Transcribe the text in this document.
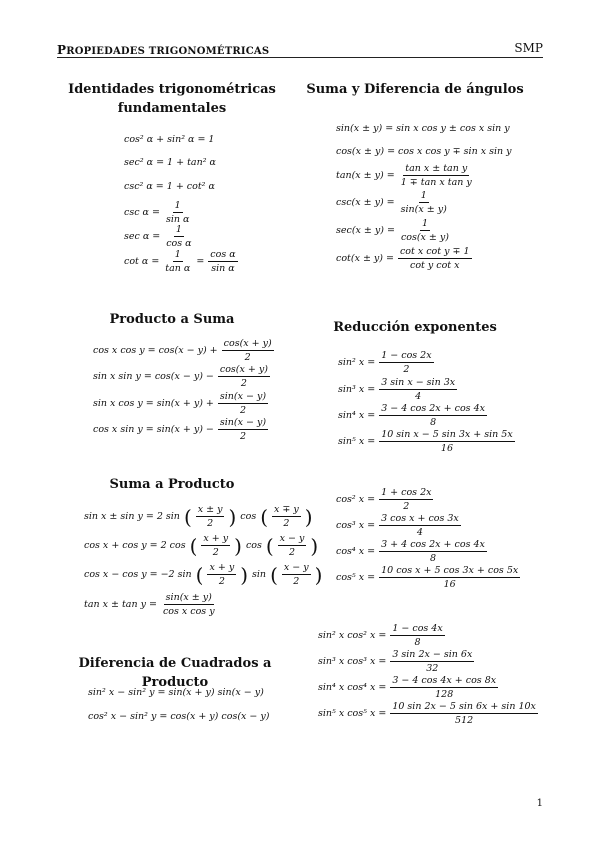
PROPIEDADES TRIGONOMÉTRICAS	SMP
Identidades trigonométricas
fundamentales
cos² α + sin² α = 1
sec² α = 1 + tan² α
csc² α = 1 + cot² α
$\csc \alpha = \frac{1}{\text{sin α}}$
$\sec \alpha = \frac{1}{\text{cos α}}$
$\cot \alpha = \frac{1}{\text{tan α}} = \frac{\text{cos α}}{\text{sin α}}$
Suma y Diferencia de ángulos
sin(x ± y) = sin x cos y ± cos x sin y
cos(x ± y) = cos x cos y ∓ sin x sin y
$\tan(x \pm y) = \frac{\text{tan x ± tan y}}{\text{1 ∓ tan x tan y}}$
$\csc(x \pm y) = \frac{1}{\sin(x \pm y)}$
$\sec(x \pm y) = \frac{1}{\cos(x \pm y)}$
$\cot(x \pm y) = \frac{\text{cot x cot y ∓ 1}}{\text{cot y cot x}}$
Producto a Suma
cos x $\cos y = \cos(x - y) + \frac{\cos(x + y)}{2}$
sin x $\sin y = \cos(x - y) - \frac{\cos(x + y)}{2}$
sin x $\cos y = \sin(x + y) + \frac{\sin(x - y)}{2}$
cos x $\sin y = \sin(x + y) - \frac{\sin(x - y)}{2}$
Reducción exponentes
sin² $x = \frac{1 - \cos 2x}{2}$
sin³ $x = \frac{\text{3 sin x − sin 3x}}{4}$
sin⁴ $x = \frac{3 - 4 \cos 2x + \cos 4x}{8}$
sin⁵ $x = \frac{\text{10 sin x − 5 sin 3x + sin 5x}}{16}$
cos² $x = \frac{1 + \cos 2x}{2}$
cos³ $x = \frac{\text{3 cos x + cos 3x}}{4}$
cos⁴ $x = \frac{3 + 4 \cos 2x + \cos 4x}{8}$
cos⁵ $x = \frac{\text{10 cos x + 5 cos 3x + cos 5x}}{16}$
sin² x cos² $x = \frac{1 - \cos 4x}{8}$
sin³ x cos³ $x = \frac{3 \sin 2x - \sin 6x}{32}$
sin⁴ x cos⁴ $x = \frac{3 - 4 \cos 4x + \cos 8x}{128}$
sin⁵ x cos⁵ $x = \frac{10 \sin 2x - 5 \sin 6x + \sin 10x}{512}$
Suma a Producto
sin x ± sin y = 2 sin ( $\frac{x \pm y}{2}$ ) cos ( $\frac{x \mp y}{2}$ )
cos x + cos y = 2 cos ( $\frac{x + y}{2}$ ) cos ( $\frac{x - y}{2}$ )
cos x − cos y = −2 sin ( $\frac{x + y}{2}$ ) sin ( $\frac{x - y}{2}$ )
$\tan x \pm \tan y = \frac{\sin(x \pm y)}{\text{cos x cos y}}$
Diferencia de Cuadrados a Producto
sin² x − sin² y = sin(x + y) sin(x − y)
cos² x − sin² y = cos(x + y) cos(x − y)
1
